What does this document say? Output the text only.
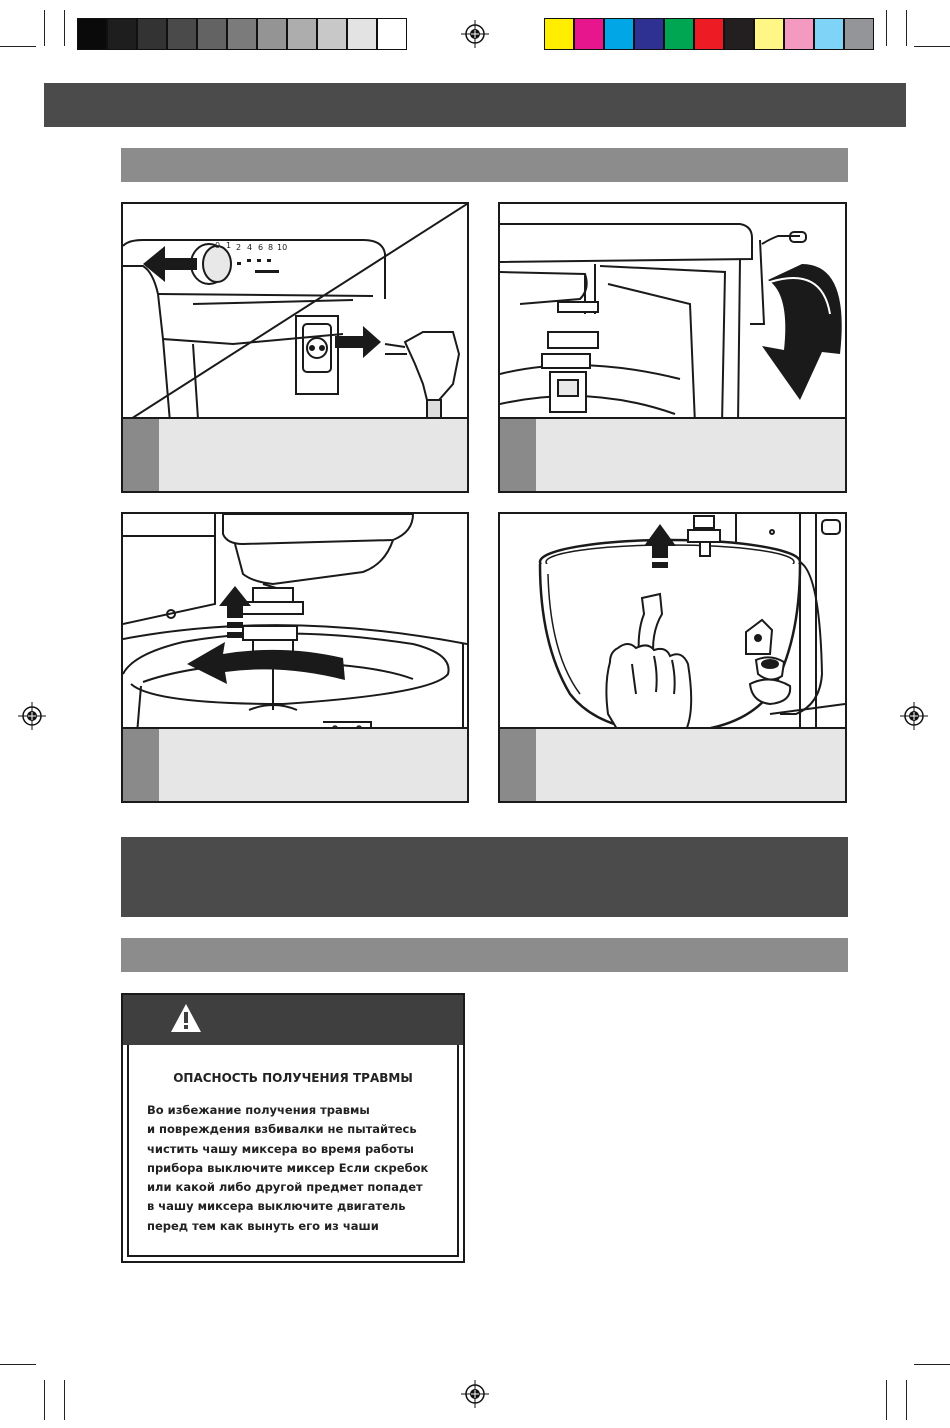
0 1 2 4 6 8 10
ОПАСНОСТЬ ПОЛУЧЕНИЯ ТРАВМЫ
Во избежание получения травмы
и повреждения взбивалки не пытайтесь
чистить чашу миксера во время работы
прибора выключите миксер Если скребок
или какой либо другой предмет попадет
в чашу миксера выключите двигатель
перед тем как вынуть его из чаши
